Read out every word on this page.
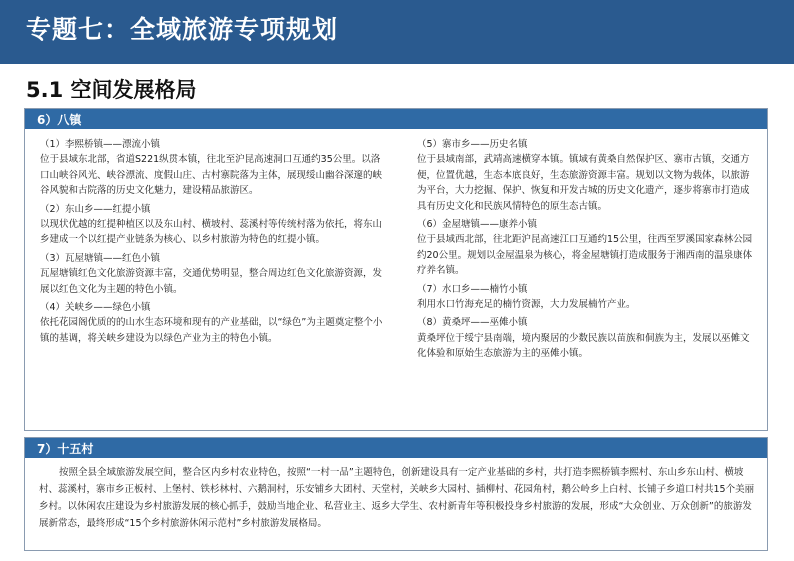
专题七：全域旅游专项规划
5.1 空间发展格局
6）八镇
（1）李熙桥镇——漂流小镇
位于县域东北部，省道S221纵贯本镇，往北至沪昆高速洞口互通约35公里。以洛口山峡谷风光、峡谷漂流、度假山庄、古村寨院落为主体，展现绥山幽谷深邃的峡谷风貌和古院落的历史文化魅力，建设精品旅游区。
（2）东山乡——红提小镇
以现状优越的红提种植区以及东山村、横坡村、蕊溪村等传统村落为依托，将东山乡建成一个以红提产业链条为核心、以乡村旅游为特色的红提小镇。
（3）瓦屋塘镇——红色小镇
瓦屋塘镇红色文化旅游资源丰富，交通优势明显，整合周边红色文化旅游资源，发展以红色文化为主题的特色小镇。
（4）关峡乡——绿色小镇
依托花园阁优质的的山水生态环境和现有的产业基础，以“绿色”为主题奠定整个小镇的基调，将关峡乡建设为以绿色产业为主的特色小镇。
（5）寨市乡——历史名镇
位于县域南部，武靖高速横穿本镇。镇域有黄桑自然保护区、寨市古镇，交通方便，位置优越，生态本底良好，生态旅游资源丰富。规划以文物为载体，以旅游为平台，大力挖掘、保护、恢复和开发古城的历史文化遗产，逐步将寨市打造成具有历史文化和民族风情特色的原生态古镇。
（6）金屋塘镇——康养小镇
位于县域西北部，往北距沪昆高速江口互通约15公里，往西至罗溪国家森林公园约20公里。规划以金屋温泉为核心，将金屋塘镇打造成服务于湘西南的温泉康体疗养名镇。
（7）水口乡——楠竹小镇
利用水口竹海充足的楠竹资源，大力发展楠竹产业。
（8）黄桑坪——巫傩小镇
黄桑坪位于绥宁县南端，境内聚居的少数民族以苗族和侗族为主，发展以巫傩文化体验和原始生态旅游为主的巫傩小镇。
7）十五村
按照全县全域旅游发展空间，整合区内乡村农业特色，按照“一村一品”主题特色，创新建设具有一定产业基础的乡村，共打造李熙桥镇李熙村、东山乡东山村、横坡村、蕊溪村，寨市乡正板村、上堡村、铁杉林村、六鹅洞村，乐安铺乡大团村、天堂村，关峡乡大园村、插柳村、花园角村，鹅公岭乡上白村、长铺子乡道口村共15个美丽乡村。以休闲农庄建设为乡村旅游发展的核心抓手，鼓励当地企业、私营业主、返乡大学生、农村新青年等积极投身乡村旅游的发展，形成“大众创业、万众创新”的旅游发展新常态，最终形成“15个乡村旅游休闲示范村”乡村旅游发展格局。
